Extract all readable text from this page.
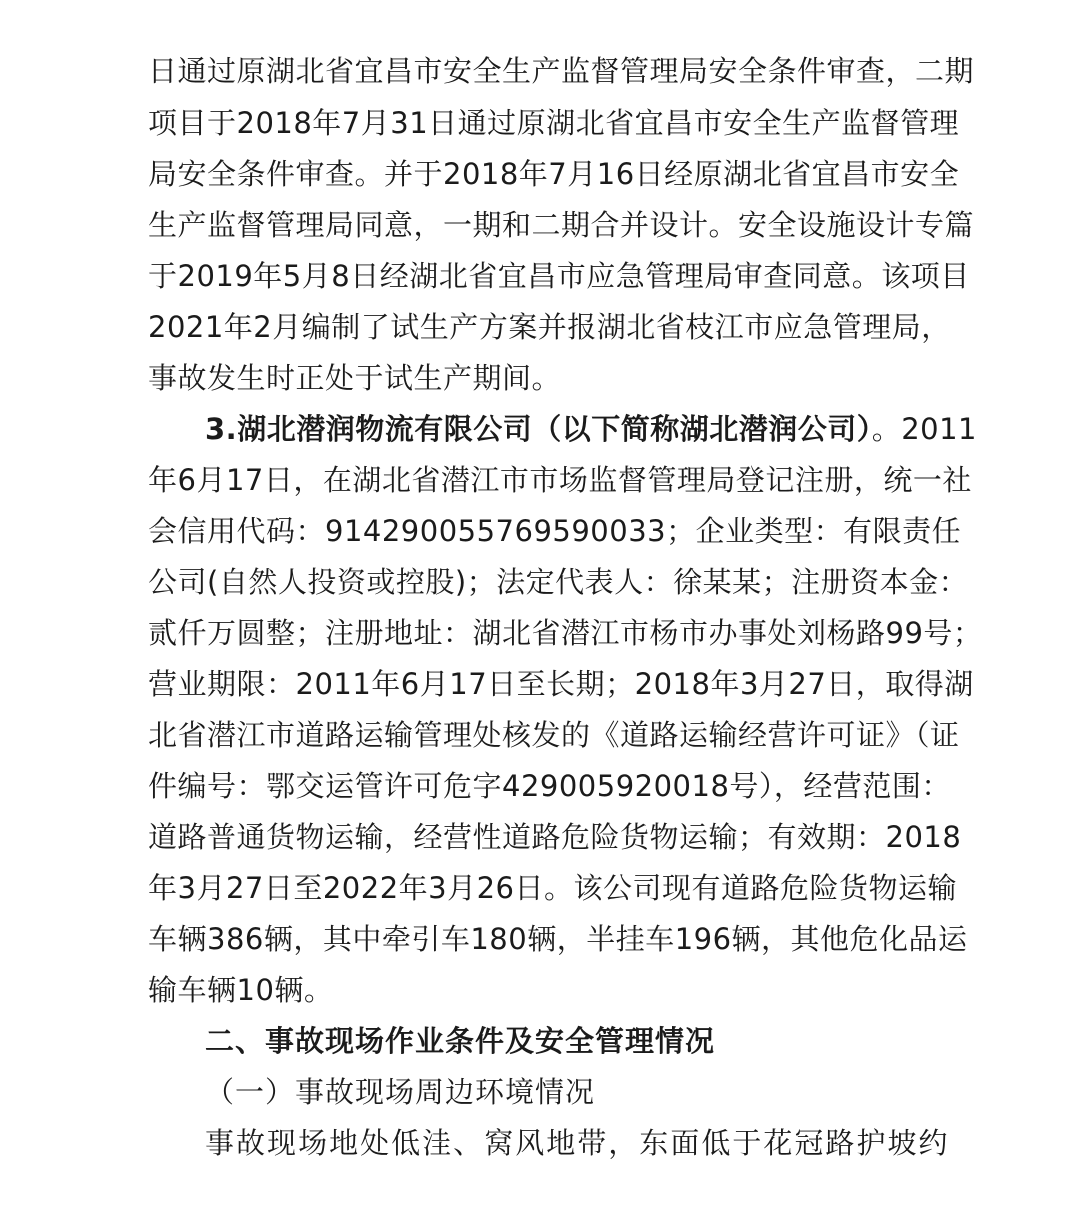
日通过原湖北省宜昌市安全生产监督管理局安全条件审查，二期
项目于2018年7月31日通过原湖北省宜昌市安全生产监督管理
局安全条件审查。并于2018年7月16日经原湖北省宜昌市安全
生产监督管理局同意，一期和二期合并设计。安全设施设计专篇
于2019年5月8日经湖北省宜昌市应急管理局审查同意。该项目
2021年2月编制了试生产方案并报湖北省枝江市应急管理局，
事故发生时正处于试生产期间。
3.湖北潜润物流有限公司（以下简称湖北潜润公司）。2011
年6月17日，在湖北省潜江市市场监督管理局登记注册，统一社
会信用代码：914290055769590033；企业类型：有限责任
公司(自然人投资或控股)；法定代表人：徐某某；注册资本金：
贰仟万圆整；注册地址：湖北省潜江市杨市办事处刘杨路99号；
营业期限：2011年6月17日至长期；2018年3月27日，取得湖
北省潜江市道路运输管理处核发的《道路运输经营许可证》（证
件编号：鄂交运管许可危字429005920018号），经营范围：
道路普通货物运输，经营性道路危险货物运输；有效期：2018
年3月27日至2022年3月26日。该公司现有道路危险货物运输
车辆386辆，其中牵引车180辆，半挂车196辆，其他危化品运
输车辆10辆。
二、事故现场作业条件及安全管理情况
（一）事故现场周边环境情况
事故现场地处低洼、窝风地带，东面低于花冠路护坡约
